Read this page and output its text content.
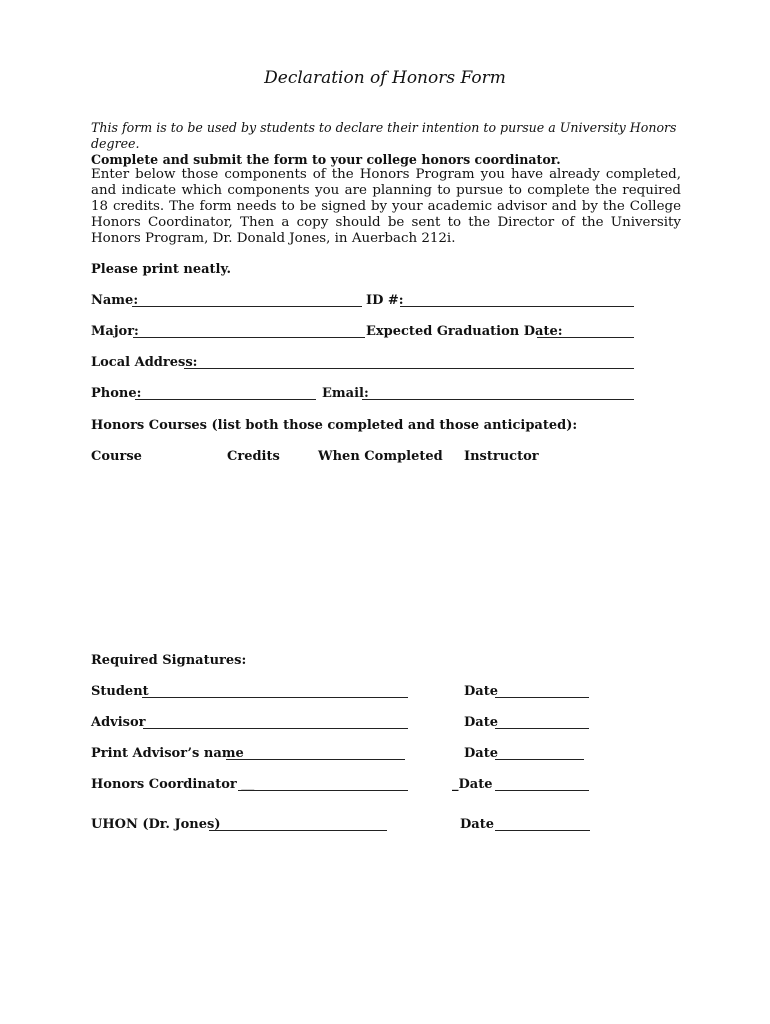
Declaration of Honors Form
This form is to be used by students to declare their intention to pursue a University Honors degree.
Complete and submit the form to your college honors coordinator.
Enter below those components of the Honors Program you have already completed, and indicate which components you are planning to pursue to complete the required 18 credits. The form needs to be signed by your academic advisor and by the College Honors Coordinator, Then a copy should be sent to the Director of the University Honors Program, Dr. Donald Jones, in Auerbach 212i.
Please print neatly.
Name:	ID #:
Major:	Expected Graduation Date:
Local Address:
Phone:	Email:
Honors Courses (list both those completed and those anticipated):
Course	Credits	When Completed Instructor
Required Signatures:
Student	Date
Advisor	Date
Print Advisor’s name	Date
Honors Coordinator __	_Date
UHON (Dr. Jones)	Date
